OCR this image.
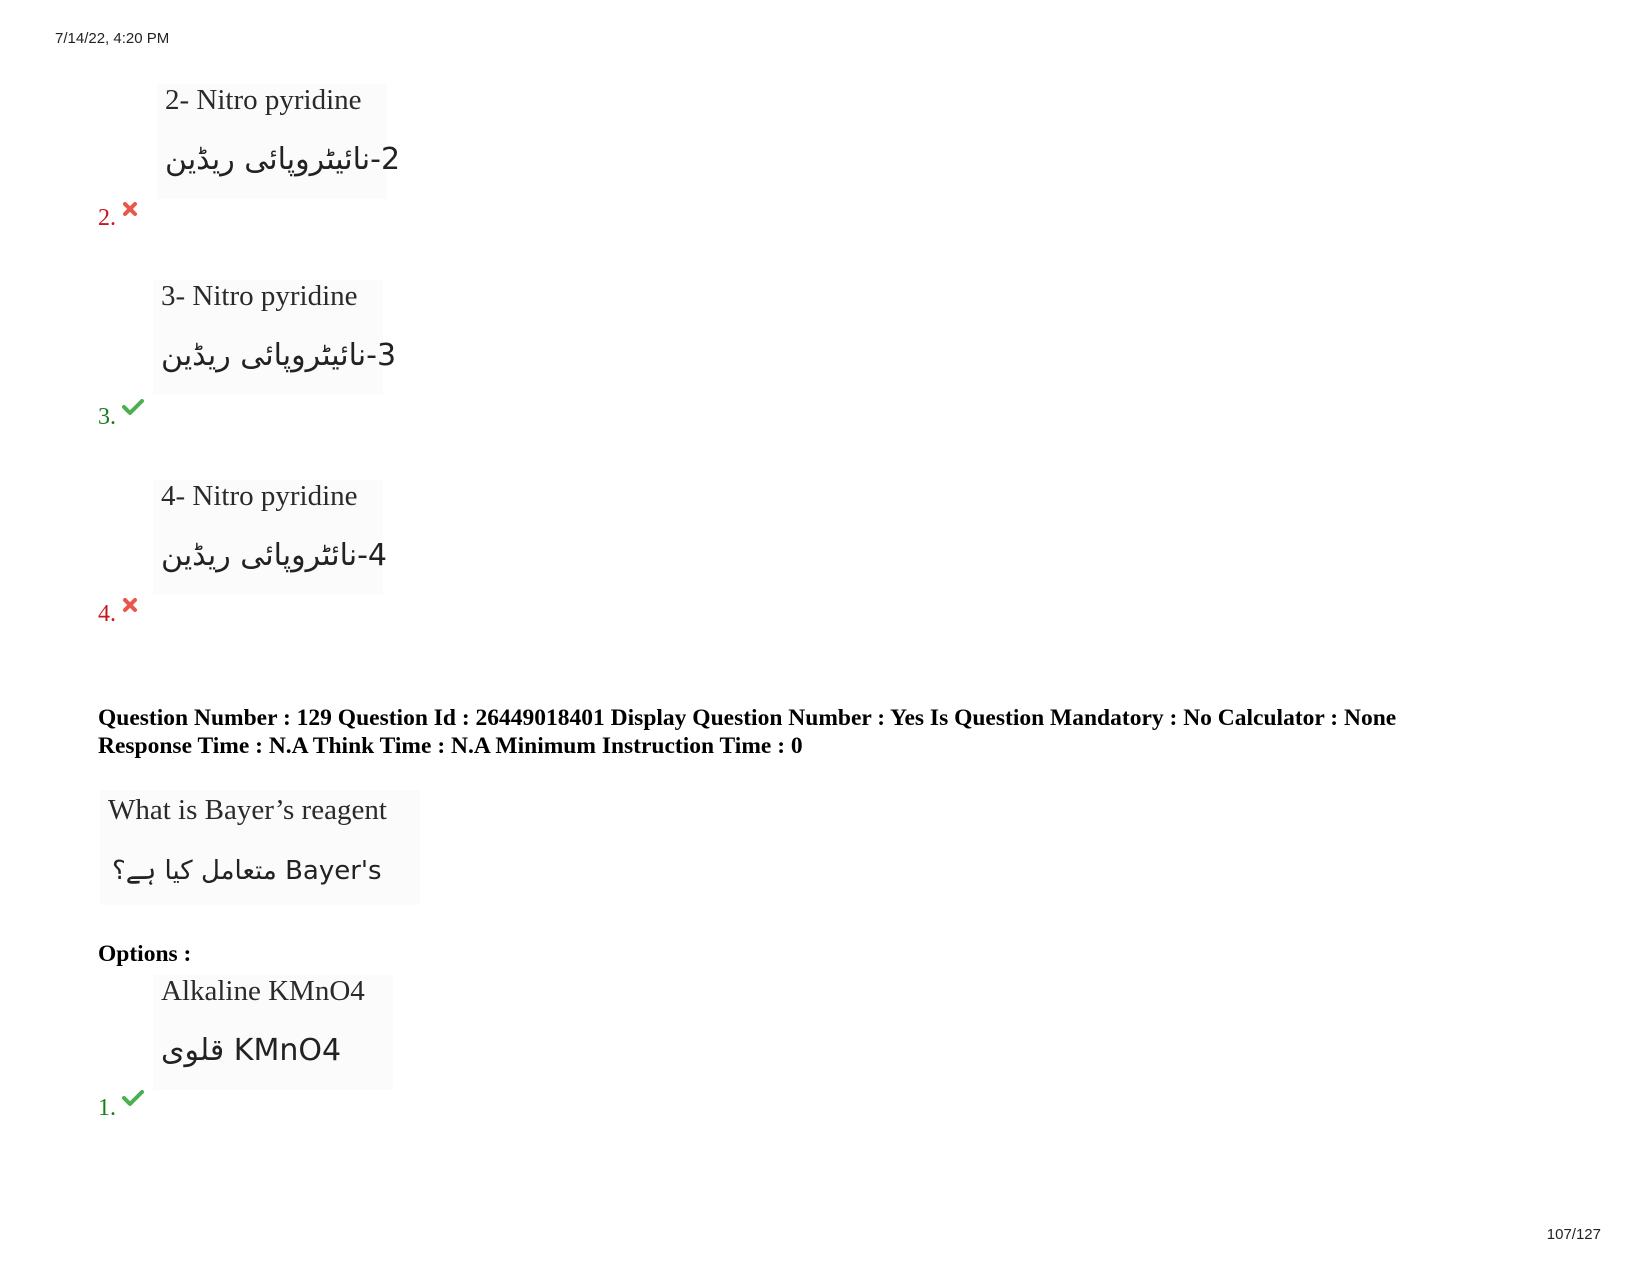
7/14/22, 4:20 PM
2- Nitro pyridine
2-نائیٹروپائی ریڈین
2.
3- Nitro pyridine
3-نائیٹروپائی ریڈین
3.
4- Nitro pyridine
4-نائٹروپائی ریڈین
4.
Question Number : 129 Question Id : 26449018401 Display Question Number : Yes Is Question Mandatory : No Calculator : None
Response Time : N.A Think Time : N.A Minimum Instruction Time : 0
What is Bayer’s reagent
Bayer's متعامل کیا ہے؟
Options :
Alkaline KMnO4
KMnO4 قلوی
1.
107/127
